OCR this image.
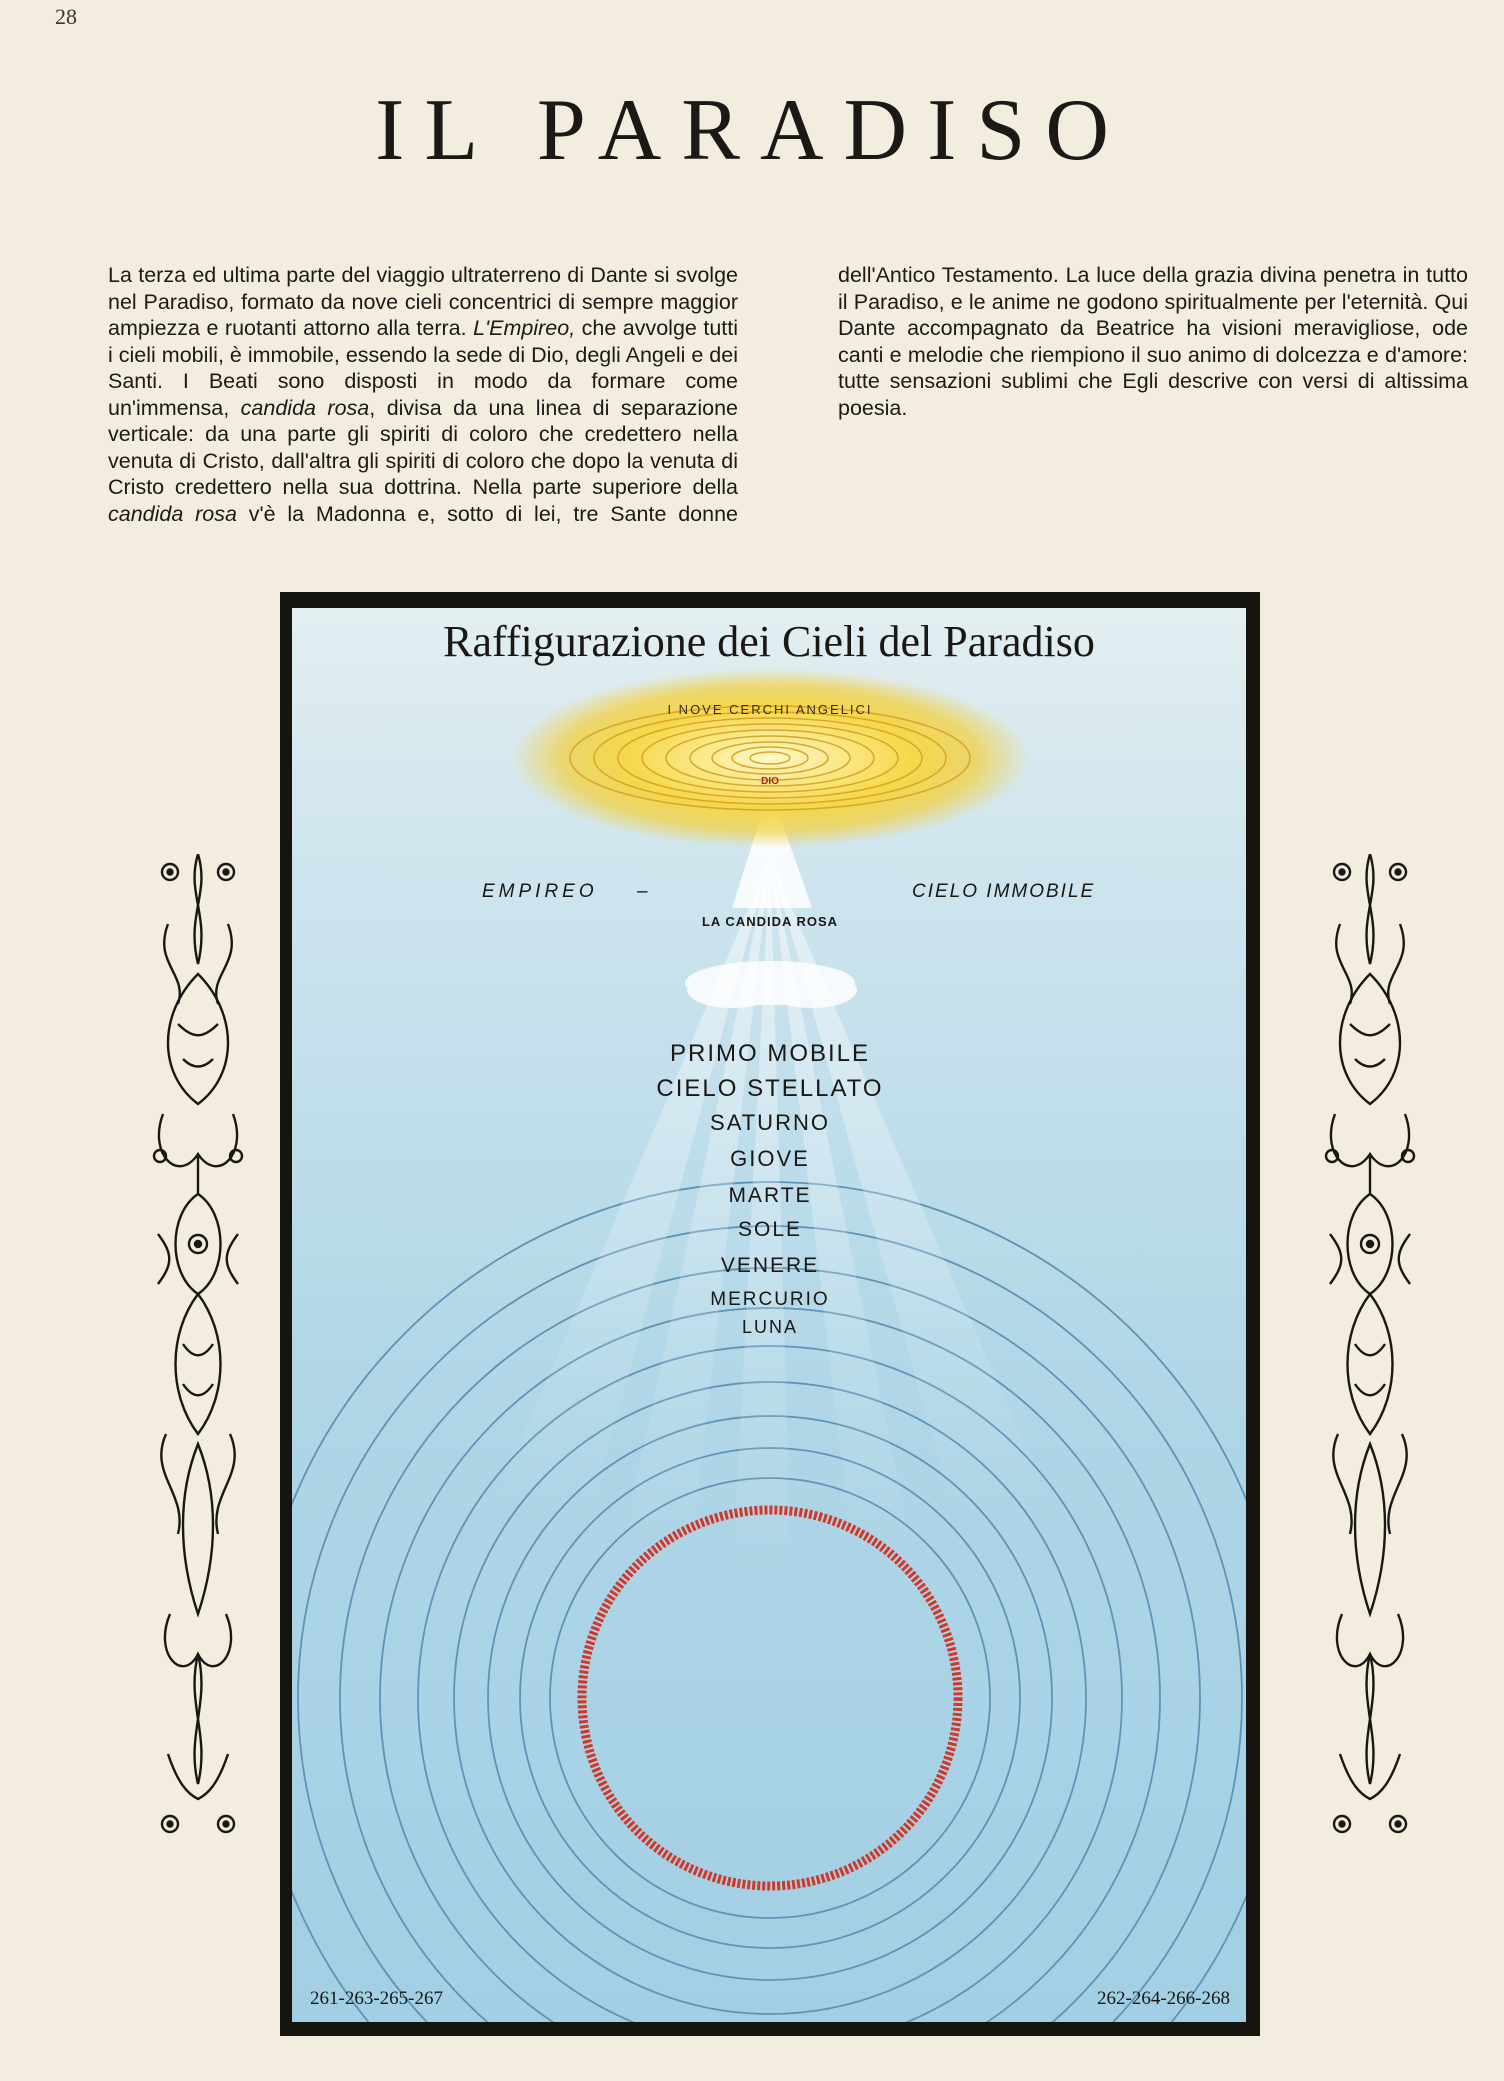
28
IL PARADISO
La terza ed ultima parte del viaggio ultraterreno di Dante si svolge nel Paradiso, formato da nove cieli concentrici di sempre maggior ampiezza e ruotanti attorno alla terra. L'Empireo, che avvolge tutti i cieli mobili, è immobile, essendo la sede di Dio, degli Angeli e dei Santi. I Beati sono disposti in modo da formare come un'immensa, candida rosa, divisa da una linea di separazione verticale: da una parte gli spiriti di coloro che credettero nella venuta di Cristo, dall'altra gli spiriti di coloro che dopo la venuta di Cristo credettero nella sua dottrina. Nella parte superiore della candida rosa v'è la Madonna e, sotto di lei, tre Sante donne dell'Antico Testamento. La luce della grazia divina penetra in tutto il Paradiso, e le anime ne godono spiritualmente per l'eternità. Qui Dante accompagnato da Beatrice ha visioni meravigliose, ode canti e melodie che riempiono il suo animo di dolcezza e d'amore: tutte sensazioni sublimi che Egli descrive con versi di altissima poesia.
Raffigurazione dei Cieli del Paradiso
I NOVE CERCHI ANGELICI
DIO
EMPIREO –	CIELO IMMOBILE
LA CANDIDA ROSA
PRIMO MOBILE
CIELO STELLATO
SATURNO
GIOVE
MARTE
SOLE
VENERE
MERCURIO
LUNA
261-263-265-267	262-264-266-268
